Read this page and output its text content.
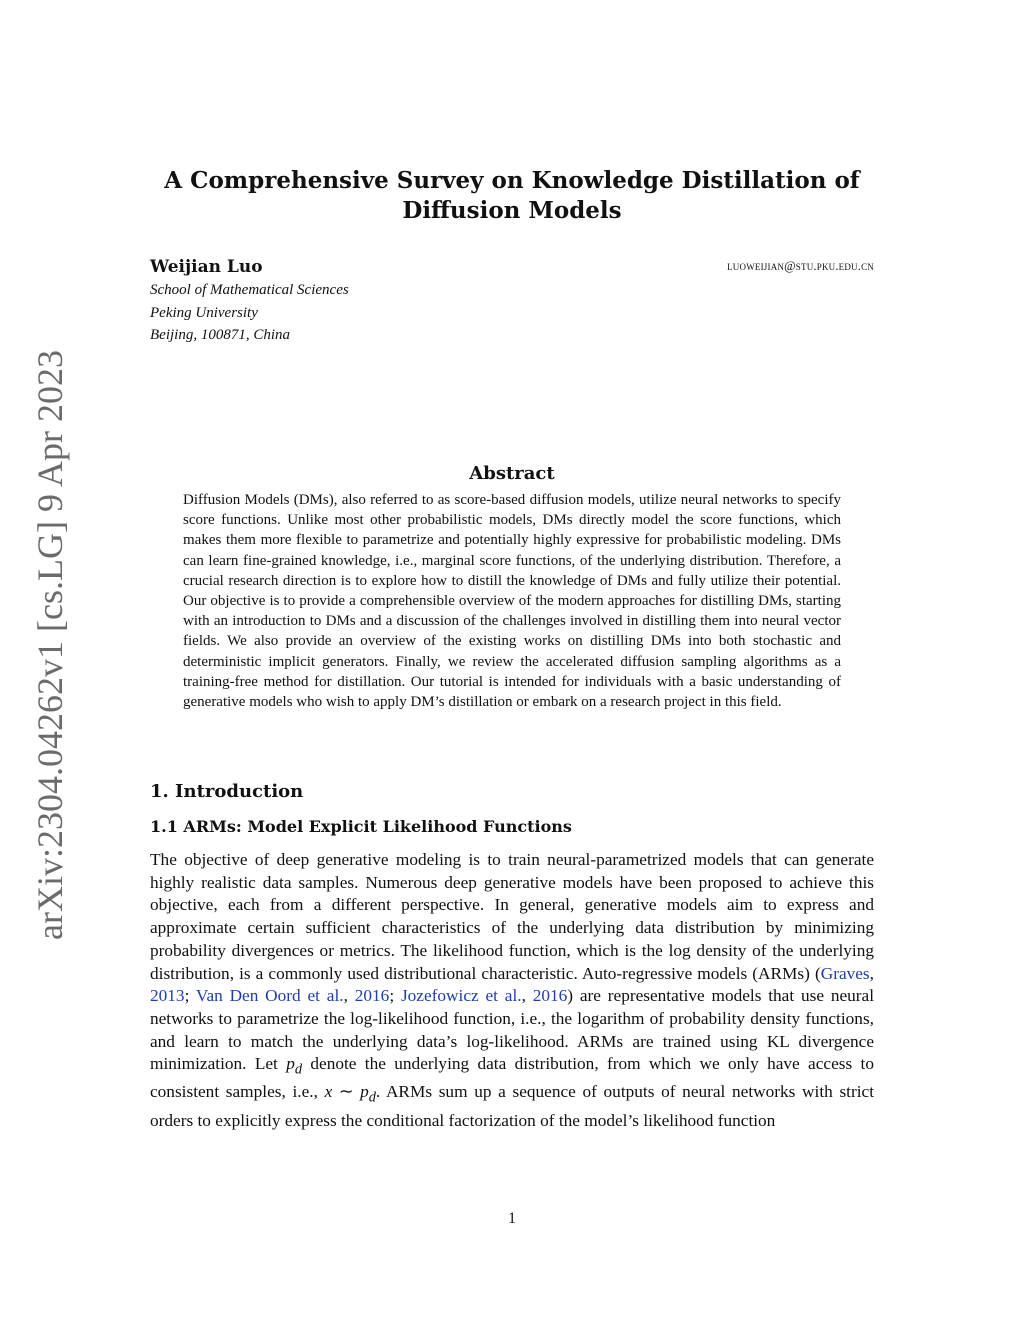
arXiv:2304.04262v1 [cs.LG] 9 Apr 2023
A Comprehensive Survey on Knowledge Distillation of
Diffusion Models
Weijian Luo	luoweijian@stu.pku.edu.cn
School of Mathematical Sciences
Peking University
Beijing, 100871, China
Abstract
Diffusion Models (DMs), also referred to as score-based diffusion models, utilize neural networks to specify score functions. Unlike most other probabilistic models, DMs directly model the score functions, which makes them more flexible to parametrize and potentially highly expressive for probabilistic modeling. DMs can learn fine-grained knowledge, i.e., marginal score functions, of the underlying distribution. Therefore, a crucial research direction is to explore how to distill the knowledge of DMs and fully utilize their potential. Our objective is to provide a comprehensible overview of the modern approaches for distilling DMs, starting with an introduction to DMs and a discussion of the challenges involved in distilling them into neural vector fields. We also provide an overview of the existing works on distilling DMs into both stochastic and deterministic implicit generators. Finally, we review the accelerated diffusion sampling algorithms as a training-free method for distillation. Our tutorial is intended for individuals with a basic understanding of generative models who wish to apply DM’s distillation or embark on a research project in this field.
1. Introduction
1.1 ARMs: Model Explicit Likelihood Functions
The objective of deep generative modeling is to train neural-parametrized models that can generate highly realistic data samples. Numerous deep generative models have been proposed to achieve this objective, each from a different perspective. In general, generative models aim to express and approximate certain sufficient characteristics of the underlying data distribution by minimizing probability divergences or metrics. The likelihood function, which is the log density of the underlying distribution, is a commonly used distributional characteristic. Auto-regressive models (ARMs) (Graves, 2013; Van Den Oord et al., 2016; Jozefowicz et al., 2016) are representative models that use neural networks to parametrize the log-likelihood function, i.e., the logarithm of probability density functions, and learn to match the underlying data’s log-likelihood. ARMs are trained using KL divergence minimization. Let $p_d$ denote the underlying data distribution, from which we only have access to consistent samples, i.e., x ∼ $p_d$. ARMs sum up a sequence of outputs of neural networks with strict orders to explicitly express the conditional factorization of the model’s likelihood function
1
